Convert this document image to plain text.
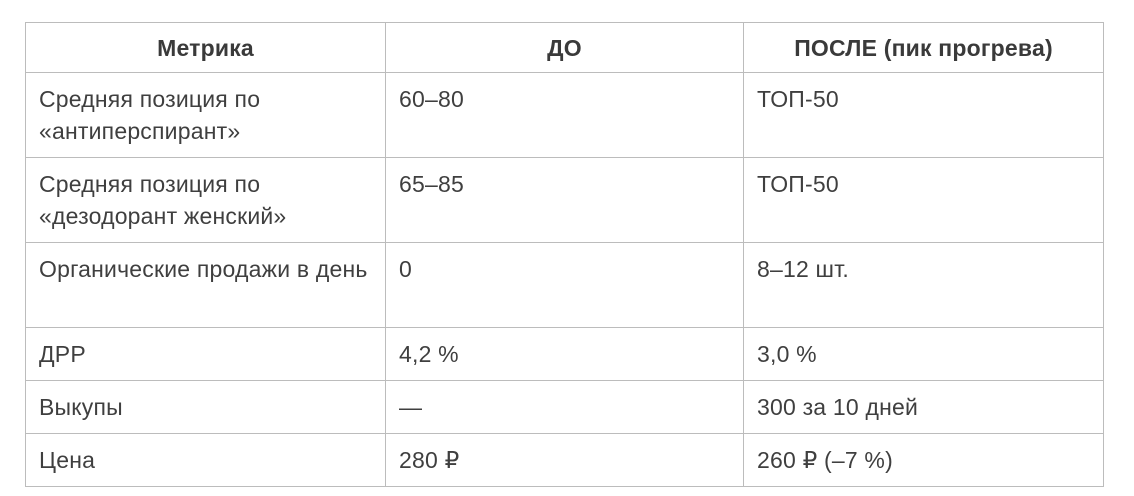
Метрика	ДО	ПОСЛЕ (пик прогрева)
Средняя позиция по «антиперспирант»	60–80	ТОП-50
Средняя позиция по «дезодорант женский»	65–85	ТОП-50
Органические продажи в день	0	8–12 шт.
ДРР	4,2 %	3,0 %
Выкупы	—	300 за 10 дней
Цена	280 ₽	260 ₽ (–7 %)
